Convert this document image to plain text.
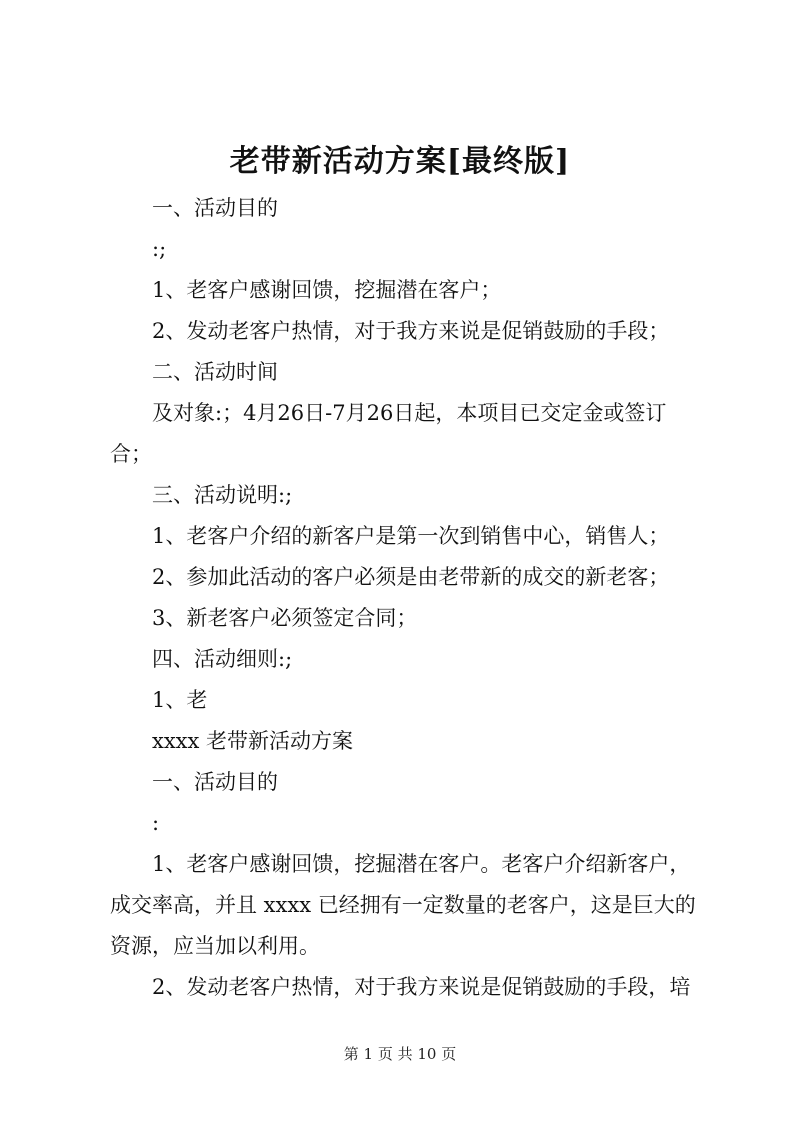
老带新活动方案[最终版]

一、活动目的

:;

1、老客户感谢回馈，挖掘潜在客户；

2、发动老客户热情，对于我方来说是促销鼓励的手段；

二、活动时间

及对象:；4月26日-7月26日起，本项目已交定金或签订合；

三、活动说明:;

1、老客户介绍的新客户是第一次到销售中心，销售人；

2、参加此活动的客户必须是由老带新的成交的新老客；

3、新老客户必须签定合同；

四、活动细则:;

1、老

xxxx 老带新活动方案

一、活动目的

:

1、老客户感谢回馈，挖掘潜在客户。老客户介绍新客户，成交率高，并且 xxxx 已经拥有一定数量的老客户，这是巨大的资源，应当加以利用。

2、发动老客户热情，对于我方来说是促销鼓励的手段，培

第 1 页 共 10 页
